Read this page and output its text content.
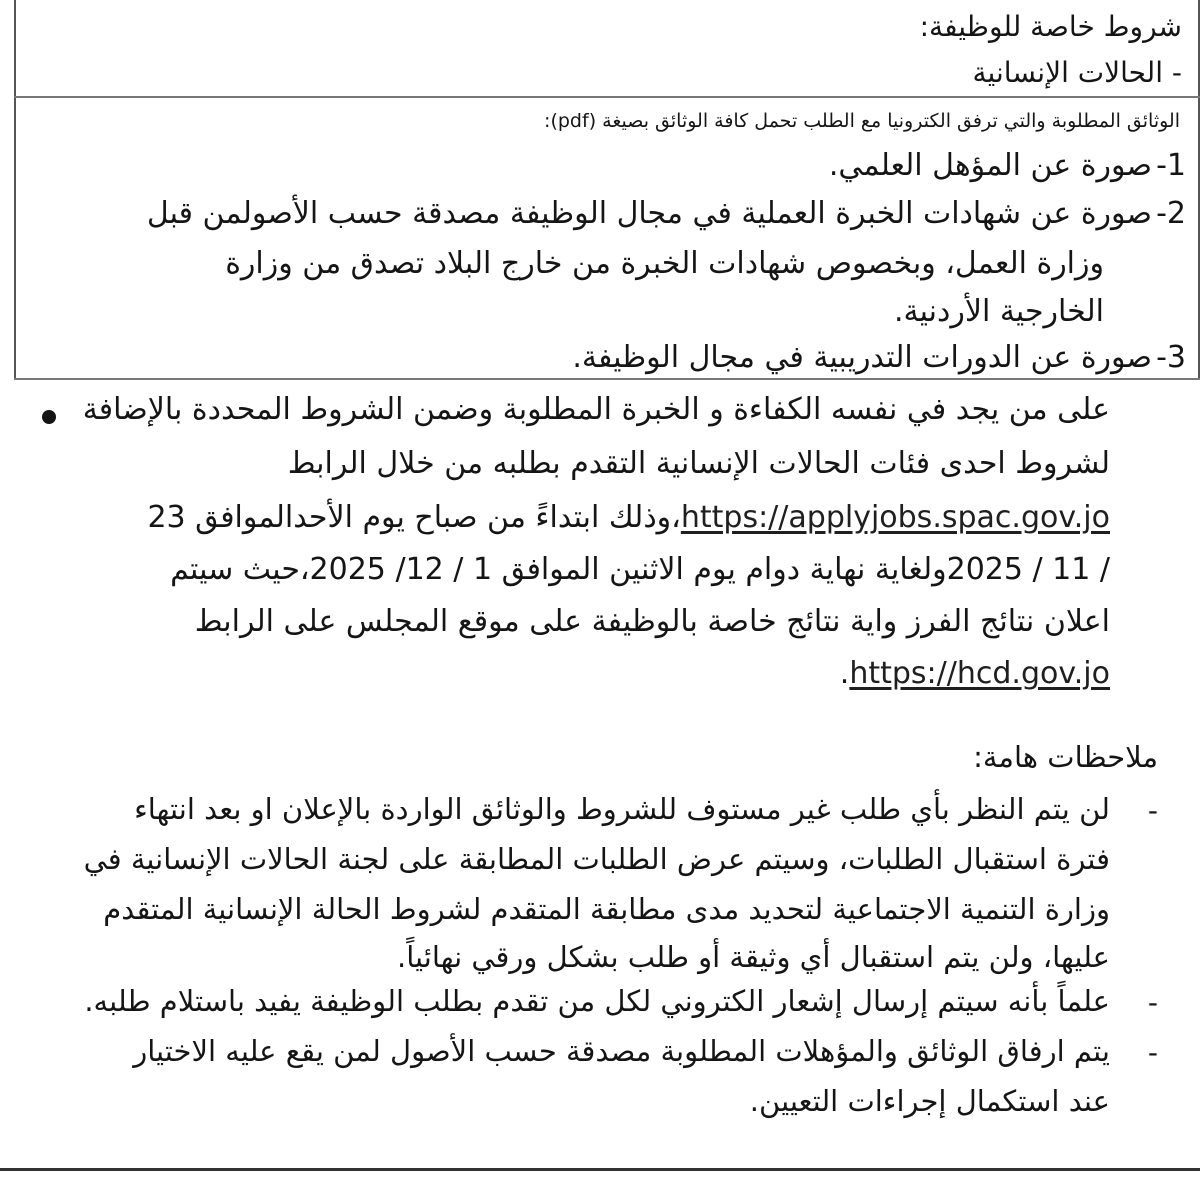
شروط خاصة للوظيفة:
- الحالات الإنسانية
الوثائق المطلوبة والتي ترفق الكترونيا مع الطلب تحمل كافة الوثائق بصيغة (pdf):
1-
صورة عن المؤهل العلمي.
2-
صورة عن شهادات الخبرة العملية في مجال الوظيفة مصدقة حسب الأصولمن قبل
وزارة العمل، وبخصوص شهادات الخبرة من خارج البلاد تصدق من وزارة
الخارجية الأردنية.
3-
صورة عن الدورات التدريبية في مجال الوظيفة.
على من يجد في نفسه الكفاءة و الخبرة المطلوبة وضمن الشروط المحددة بالإضافة
لشروط احدى فئات الحالات الإنسانية التقدم بطلبه من خلال الرابط
https://applyjobs.spac.gov.jo،وذلك ابتداءً من صباح يوم الأحدالموافق 23
/ 11 / 2025ولغاية نهاية دوام يوم الاثنين الموافق 1 / 12/ 2025،حيث سيتم
اعلان نتائج الفرز واية نتائج خاصة بالوظيفة على موقع المجلس على الرابط
https://hcd.gov.jo.
ملاحظات هامة:
-
لن يتم النظر بأي طلب غير مستوف للشروط والوثائق الواردة بالإعلان او بعد انتهاء
فترة استقبال الطلبات، وسيتم عرض الطلبات المطابقة على لجنة الحالات الإنسانية في
وزارة التنمية الاجتماعية لتحديد مدى مطابقة المتقدم لشروط الحالة الإنسانية المتقدم
عليها، ولن يتم استقبال أي وثيقة أو طلب بشكل ورقي نهائياً.
-
علماً بأنه سيتم إرسال إشعار الكتروني لكل من تقدم بطلب الوظيفة يفيد باستلام طلبه.
-
يتم ارفاق الوثائق والمؤهلات المطلوبة مصدقة حسب الأصول لمن يقع عليه الاختيار
عند استكمال إجراءات التعيين.
